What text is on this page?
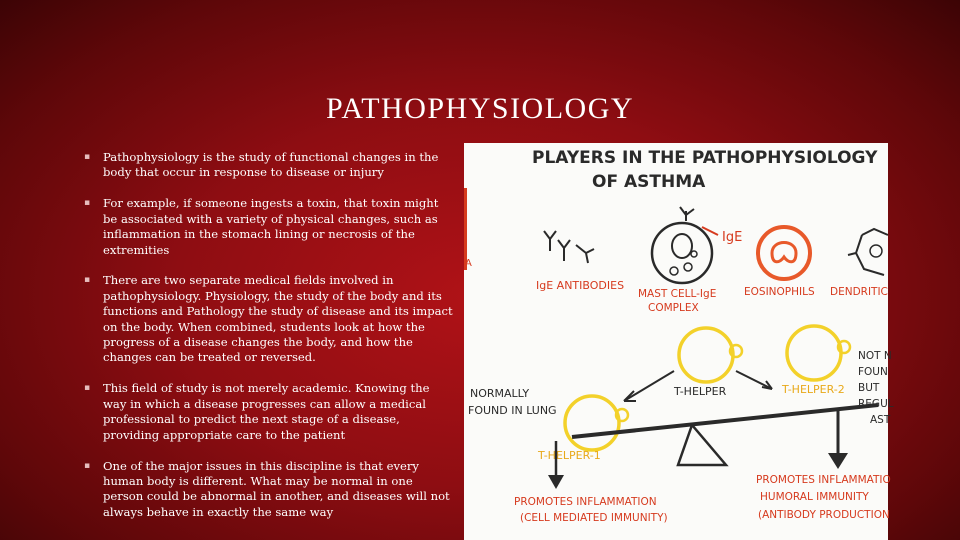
PATHOPHYSIOLOGY
▪ Pathophysiology is the study of functional changes in the body that occur in response to disease or injury
▪ For example, if someone ingests a toxin, that toxin might be associated with a variety of physical changes, such as inflammation in the stomach lining or necrosis of the extremities
▪ There are two separate medical fields involved in pathophysiology. Physiology, the study of the body and its functions and Pathology the study of disease and its impact on the body. When combined, students look at how the progress of a disease changes the body, and how the changes can be treated or reversed.
▪ This field of study is not merely academic. Knowing the way in which a disease progresses can allow a medical professional to predict the next stage of a disease, providing appropriate care to the patient
▪ One of the major issues in this discipline is that every human body is different. What may be normal in one person could be abnormal in another, and diseases will not always behave in exactly the same way
A
PLAYERS IN THE PATHOPHYSIOLOGY
OF ASTHMA
IgE ANTIBODIES
IgE
MAST CELL-IgE
COMPLEX
EOSINOPHILS DENDRITIC
T-HELPER	T-HELPER-2
NORMALLY
FOUND IN LUNG
NOT N
FOUN
BUT
REGUL
AST
T-HELPER-1
PROMOTES INFLAMMATION
(CELL MEDIATED IMMUNITY)
PROMOTES INFLAMMATIO
HUMORAL IMMUNITY
(ANTIBODY PRODUCTION
